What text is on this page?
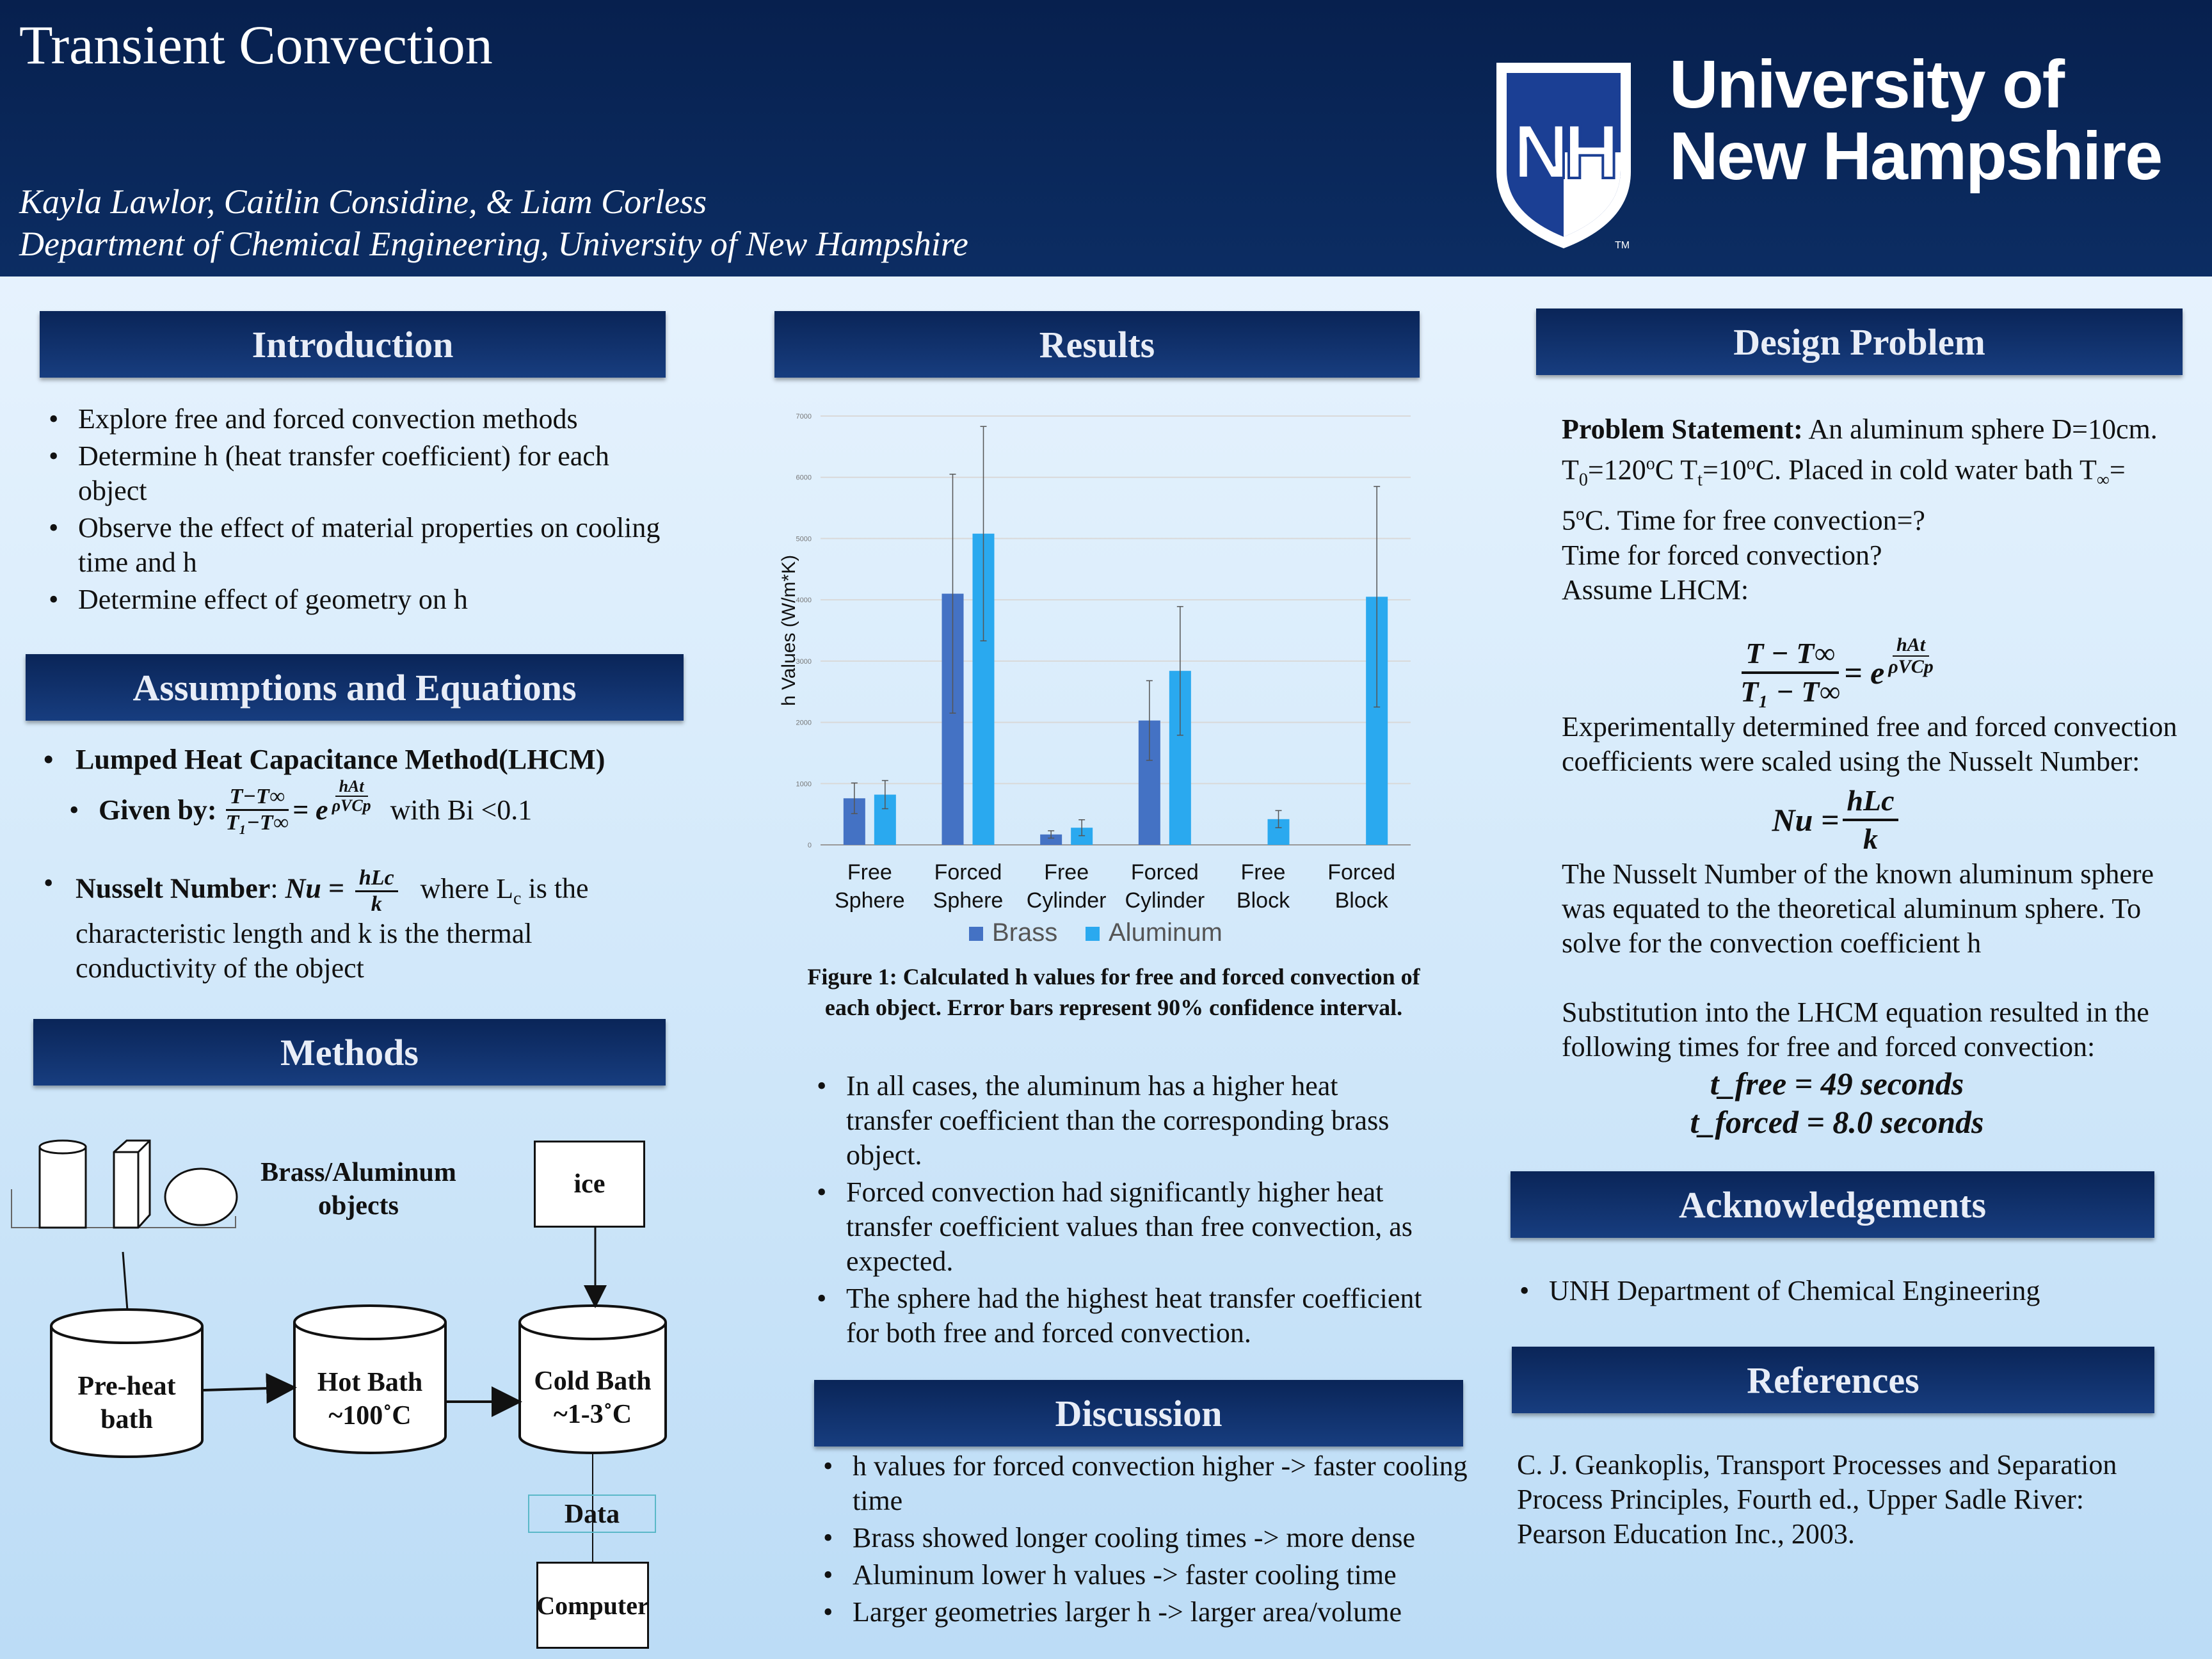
Transient Convection
Kayla Lawlor, Caitlin Considine, & Liam Corless
Department of Chemical Engineering, University of New Hampshire
NH
TM
University of
New Hampshire
Introduction
• Explore free and forced convection methods
• Determine h (heat transfer coefficient) for each object
• Observe the effect of material properties on cooling time and h
• Determine effect of geometry on h
Assumptions and Equations
• Lumped Heat Capacitance Method(LHCM)
• Given by: $\frac{T-T\infty}{\text{T₁−T∞}} = e \frac{\text{hAt}}{\text{ρVCp}}$ with Bi <0.1
• Nusselt Number: $Nu = \frac{\text{hLc}}{k}$ where $L_c$ is the
characteristic length and k is the thermal conductivity of the object
Methods
Brass/Aluminum objects
ice
Pre-heat bath
Hot Bath ~100˚C
Cold Bath ~1-3˚C
Data
Computer
Results
0
1000
2000
3000
4000
5000
6000
7000
h Values (W/m*K)
Free
Sphere
Forced
Sphere
Free
Cylinder
Forced
Cylinder
Free
Block
Forced
Block
Brass Aluminum
Figure 1: Calculated h values for free and forced convection of each object. Error bars represent 90% confidence interval.
• In all cases, the aluminum has a higher heat transfer coefficient than the corresponding brass object.
• Forced convection had significantly higher heat transfer coefficient values than free convection, as expected.
• The sphere had the highest heat transfer coefficient for both free and forced convection.
Discussion
• h values for forced convection higher -> faster cooling time
• Brass showed longer cooling times -> more dense
• Aluminum lower h values -> faster cooling time
• Larger geometries larger h -> larger area/volume
Design Problem
Problem Statement: An aluminum sphere D=10cm.
$T_0=120^oC$ $T_t=10^oC$. Placed in cold water bath $T_\infty=$
$5^oC$. Time for free convection=?
Time for forced convection?
Assume LHCM:
$\frac{T - T\infty}{\text{T₁ − T∞}} = e \frac{\text{hAt}}{\text{ρVCp}}$
Experimentally determined free and forced convection coefficients were scaled using the Nusselt Number:
$Nu = \frac{\text{hLc}}{k}$
The Nusselt Number of the known aluminum sphere was equated to the theoretical aluminum sphere. To solve for the convection coefficient h
Substitution into the LHCM equation resulted in the following times for free and forced convection:
t_free = 49 seconds
t_forced = 8.0 seconds
Acknowledgements
• UNH Department of Chemical Engineering
References
C. J. Geankoplis, Transport Processes and Separation Process Principles, Fourth ed., Upper Sadle River: Pearson Education Inc., 2003.
